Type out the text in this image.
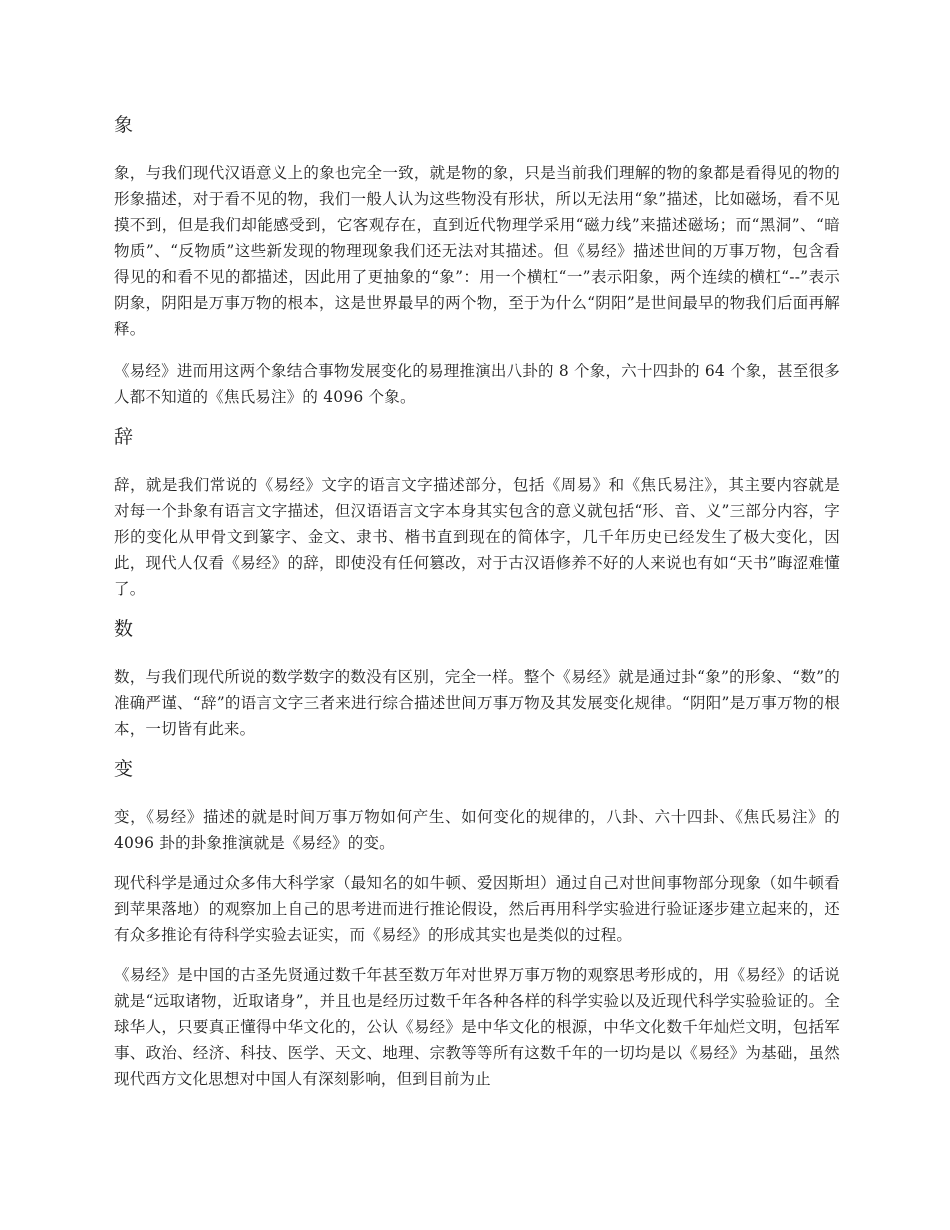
象

象，与我们现代汉语意义上的象也完全一致，就是物的象，只是当前我们理解的物的象都是看得见的物的形象描述，对于看不见的物，我们一般人认为这些物没有形状，所以无法用“象”描述，比如磁场，看不见摸不到，但是我们却能感受到，它客观存在，直到近代物理学采用“磁力线”来描述磁场；而“黑洞”、“暗物质”、“反物质”这些新发现的物理现象我们还无法对其描述。但《易经》描述世间的万事万物，包含看得见的和看不见的都描述，因此用了更抽象的“象”：用一个横杠“一”表示阳象，两个连续的横杠“--”表示阴象，阴阳是万事万物的根本，这是世界最早的两个物，至于为什么“阴阳”是世间最早的物我们后面再解释。

《易经》进而用这两个象结合事物发展变化的易理推演出八卦的 8 个象，六十四卦的 64 个象，甚至很多人都不知道的《焦氏易注》的 4096 个象。

辞

辞，就是我们常说的《易经》文字的语言文字描述部分，包括《周易》和《焦氏易注》，其主要内容就是对每一个卦象有语言文字描述，但汉语语言文字本身其实包含的意义就包括“形、音、义”三部分内容，字形的变化从甲骨文到篆字、金文、隶书、楷书直到现在的简体字，几千年历史已经发生了极大变化，因此，现代人仅看《易经》的辞，即使没有任何篡改，对于古汉语修养不好的人来说也有如“天书”晦涩难懂了。

数

数，与我们现代所说的数学数字的数没有区别，完全一样。整个《易经》就是通过卦“象”的形象、“数”的准确严谨、“辞”的语言文字三者来进行综合描述世间万事万物及其发展变化规律。“阴阳”是万事万物的根本，一切皆有此来。

变

变，《易经》描述的就是时间万事万物如何产生、如何变化的规律的，八卦、六十四卦、《焦氏易注》的 4096 卦的卦象推演就是《易经》的变。

现代科学是通过众多伟大科学家（最知名的如牛顿、爱因斯坦）通过自己对世间事物部分现象（如牛顿看到苹果落地）的观察加上自己的思考进而进行推论假设，然后再用科学实验进行验证逐步建立起来的，还有众多推论有待科学实验去证实，而《易经》的形成其实也是类似的过程。

《易经》是中国的古圣先贤通过数千年甚至数万年对世界万事万物的观察思考形成的，用《易经》的话说就是“远取诸物，近取诸身”，并且也是经历过数千年各种各样的科学实验以及近现代科学实验验证的。全球华人，只要真正懂得中华文化的，公认《易经》是中华文化的根源，中华文化数千年灿烂文明，包括军事、政治、经济、科技、医学、天文、地理、宗教等等所有这数千年的一切均是以《易经》为基础，虽然现代西方文化思想对中国人有深刻影响，但到目前为止
